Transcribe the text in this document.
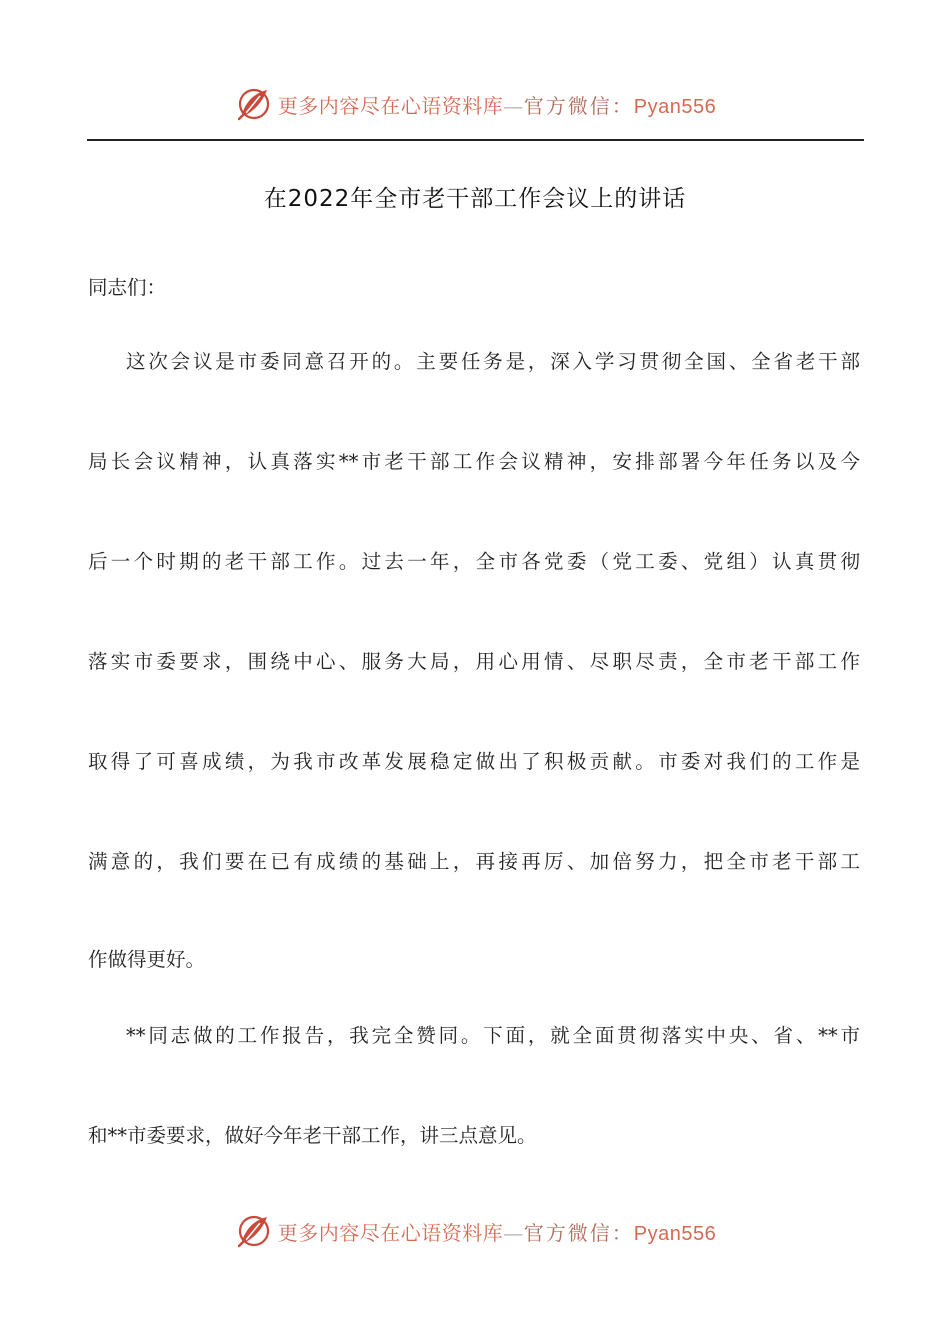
更多内容尽在心语资料库—官方微信：Pyan556
在2022年全市老干部工作会议上的讲话
同志们：
这次会议是市委同意召开的。主要任务是，深入学习贯彻全国、全省老干部
局长会议精神，认真落实**市老干部工作会议精神，安排部署今年任务以及今
后一个时期的老干部工作。过去一年，全市各党委（党工委、党组）认真贯彻
落实市委要求，围绕中心、服务大局，用心用情、尽职尽责，全市老干部工作
取得了可喜成绩，为我市改革发展稳定做出了积极贡献。市委对我们的工作是
满意的，我们要在已有成绩的基础上，再接再厉、加倍努力，把全市老干部工
作做得更好。
**同志做的工作报告，我完全赞同。下面，就全面贯彻落实中央、省、**市
和**市委要求，做好今年老干部工作，讲三点意见。
更多内容尽在心语资料库—官方微信：Pyan556
